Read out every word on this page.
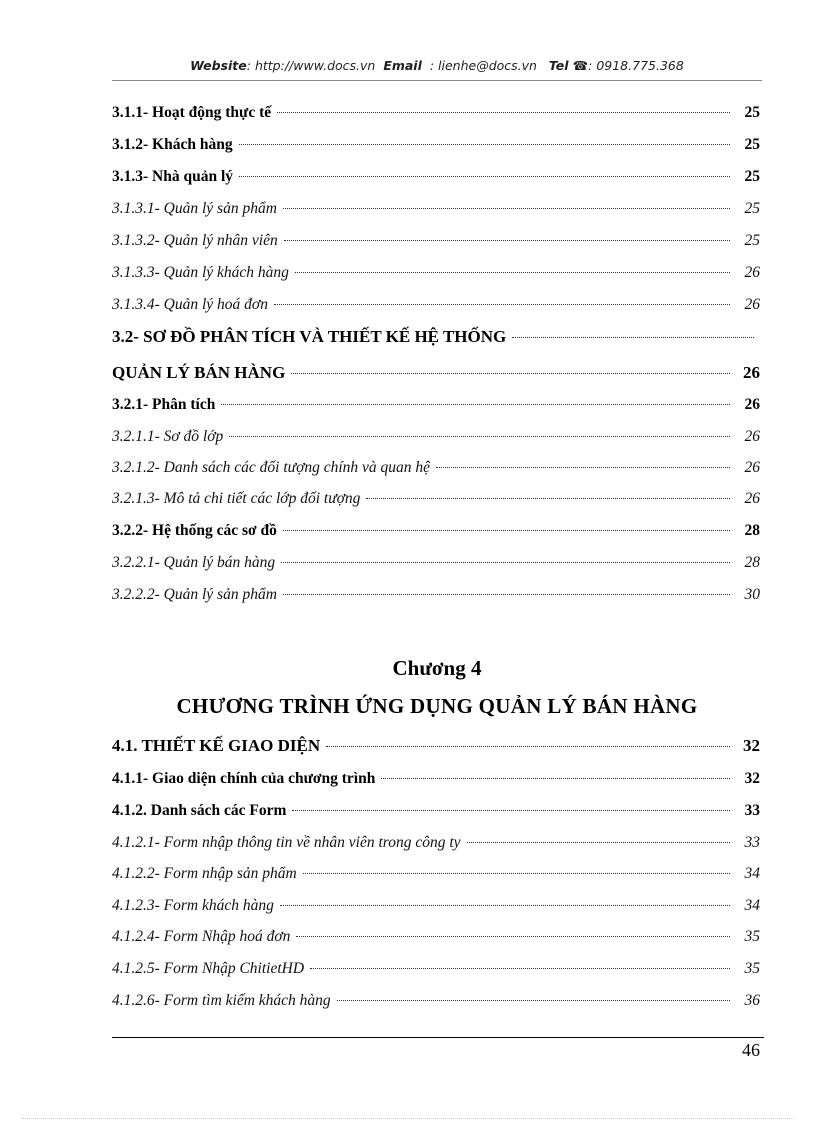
Website: http://www.docs.vn Email : lienhe@docs.vn Tel ☎: 0918.775.368
3.1.1- Hoạt động thực tế	25
3.1.2- Khách hàng	25
3.1.3- Nhà quản lý	25
3.1.3.1- Quản lý sản phẩm	25
3.1.3.2- Quản lý nhân viên	25
3.1.3.3- Quản lý khách hàng	26
3.1.3.4- Quản lý hoá đơn	26
3.2- SƠ ĐỒ PHÂN TÍCH VÀ THIẾT KẾ HỆ THỐNG
QUẢN LÝ BÁN HÀNG	26
3.2.1- Phân tích	26
3.2.1.1- Sơ đồ lớp	26
3.2.1.2- Danh sách các đối tượng chính và quan hệ	26
3.2.1.3- Mô tả chi tiết các lớp đối tượng	26
3.2.2- Hệ thống các sơ đồ	28
3.2.2.1- Quản lý bán hàng	28
3.2.2.2- Quản lý sản phẩm	30
Chương 4
CHƯƠNG TRÌNH ỨNG DỤNG QUẢN LÝ BÁN HÀNG
4.1. THIẾT KẾ GIAO DIỆN	32
4.1.1- Giao diện chính của chương trình	32
4.1.2. Danh sách các Form	33
4.1.2.1- Form nhập thông tin về nhân viên trong công ty	33
4.1.2.2- Form nhập sản phẩm	34
4.1.2.3- Form khách hàng	34
4.1.2.4- Form Nhập hoá đơn	35
4.1.2.5- Form Nhập ChitietHD	35
4.1.2.6- Form tìm kiếm khách hàng	36
46
